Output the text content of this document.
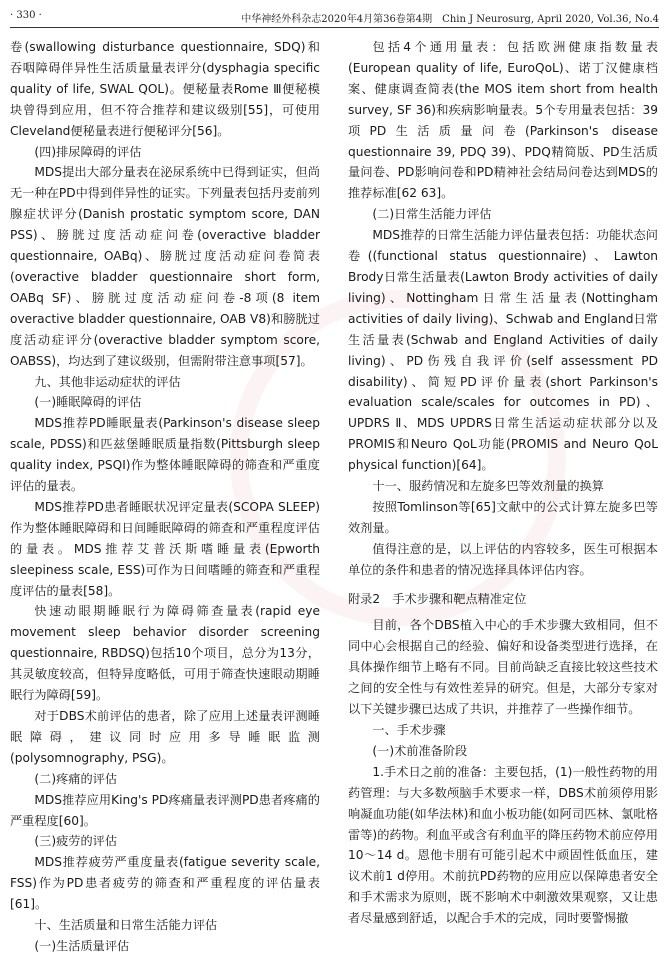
· 330 ·	中华神经外科杂志2020年4月第36卷第4期　Chin J Neurosurg, April 2020, Vol.36, No.4

卷(swallowing disturbance questionnaire, SDQ)和吞咽障碍伴异性生活质量量表评分(dysphagia specific quality of life, SWAL QOL)。便秘量表Rome Ⅲ便秘模块曾得到应用，但不符合推荐和建议级别[55]，可使用Cleveland便秘量表进行便秘评分[56]。

(四)排尿障碍的评估

MDS提出大部分量表在泌尿系统中已得到证实，但尚无一种在PD中得到伴异性的证实。下列量表包括丹麦前列腺症状评分(Danish prostatic symptom score, DAN PSS)、膀胱过度活动症问卷(overactive bladder questionnaire, OABq)、膀胱过度活动症问卷简表(overactive bladder questionnaire short form, OABq SF)、膀胱过度活动症问卷-8项(8 item overactive bladder questionnaire, OAB V8)和膀胱过度活动症评分(overactive bladder symptom score, OABSS)，均达到了建议级别，但需附带注意事项[57]。

九、其他非运动症状的评估

(一)睡眠障碍的评估

MDS推荐PD睡眠量表(Parkinson's disease sleep scale, PDSS)和匹兹堡睡眠质量指数(Pittsburgh sleep quality index, PSQI)作为整体睡眠障碍的筛查和严重度评估的量表。

MDS推荐PD患者睡眠状况评定量表(SCOPA SLEEP)作为整体睡眠障碍和日间睡眠障碍的筛查和严重程度评估的量表。MDS推荐艾普沃斯嗜睡量表(Epworth sleepiness scale, ESS)可作为日间嗜睡的筛查和严重程度评估的量表[58]。

快速动眼期睡眠行为障碍筛查量表(rapid eye movement sleep behavior disorder screening questionnaire, RBDSQ)包括10个项目，总分为13分，其灵敏度较高，但特异度略低，可用于筛查快速眼动期睡眠行为障碍[59]。

对于DBS术前评估的患者，除了应用上述量表评测睡眠障碍，建议同时应用多导睡眠监测(polysomnography, PSG)。

(二)疼痛的评估

MDS推荐应用King's PD疼痛量表评测PD患者疼痛的严重程度[60]。

(三)疲劳的评估

MDS推荐疲劳严重度量表(fatigue severity scale, FSS)作为PD患者疲劳的筛查和严重程度的评估量表[61]。

十、生活质量和日常生活能力评估

(一)生活质量评估

包括4个通用量表：包括欧洲健康指数量表(European quality of life, EuroQoL)、诺丁汉健康档案、健康调查简表(the MOS item short from health survey, SF 36)和疾病影响量表。5个专用量表包括：39项PD生活质量问卷(Parkinson's disease questionnaire 39, PDQ 39)、PDQ精简版、PD生活质量问卷、PD影响问卷和PD精神社会结局问卷达到MDS的推荐标准[62 63]。

(二)日常生活能力评估

MDS推荐的日常生活能力评估量表包括：功能状态问卷((functional status questionnaire)、Lawton Brody日常生活量表(Lawton Brody activities of daily living)、Nottingham日常生活量表(Nottingham activities of daily living)、Schwab and England日常生活量表(Schwab and England Activities of daily living)、PD伤残自我评价(self assessment PD disability)、简短PD评价量表(short Parkinson's evaluation scale/scales for outcomes in PD)、UPDRS Ⅱ、MDS UPDRS日常生活运动症状部分以及PROMIS和Neuro QoL功能(PROMIS and Neuro QoL physical function)[64]。

十一、服药情况和左旋多巴等效剂量的换算

按照Tomlinson等[65]文献中的公式计算左旋多巴等效剂量。

值得注意的是，以上评估的内容较多，医生可根据本单位的条件和患者的情况选择具体评估内容。

附录2　手术步骤和靶点精准定位

目前，各个DBS植入中心的手术步骤大致相同，但不同中心会根据自己的经验、偏好和设备类型进行选择，在具体操作细节上略有不同。目前尚缺乏直接比较这些技术之间的安全性与有效性差异的研究。但是，大部分专家对以下关键步骤已达成了共识，并推荐了一些操作细节。

一、手术步骤

(一)术前准备阶段

1.手术日之前的准备：主要包括，(1)一般性药物的用药管理：与大多数颅脑手术要求一样，DBS术前须停用影响凝血功能(如华法林)和血小板功能(如阿司匹林、氯吡格雷等)的药物。利血平或含有利血平的降压药物术前应停用10～14 d。恩他卡朋有可能引起术中顽固性低血压，建议术前1 d停用。术前抗PD药物的应用应以保障患者安全和手术需求为原则，既不影响术中刺激效果观察，又让患者尽量感到舒适，以配合手术的完成，同时要警惕撤
